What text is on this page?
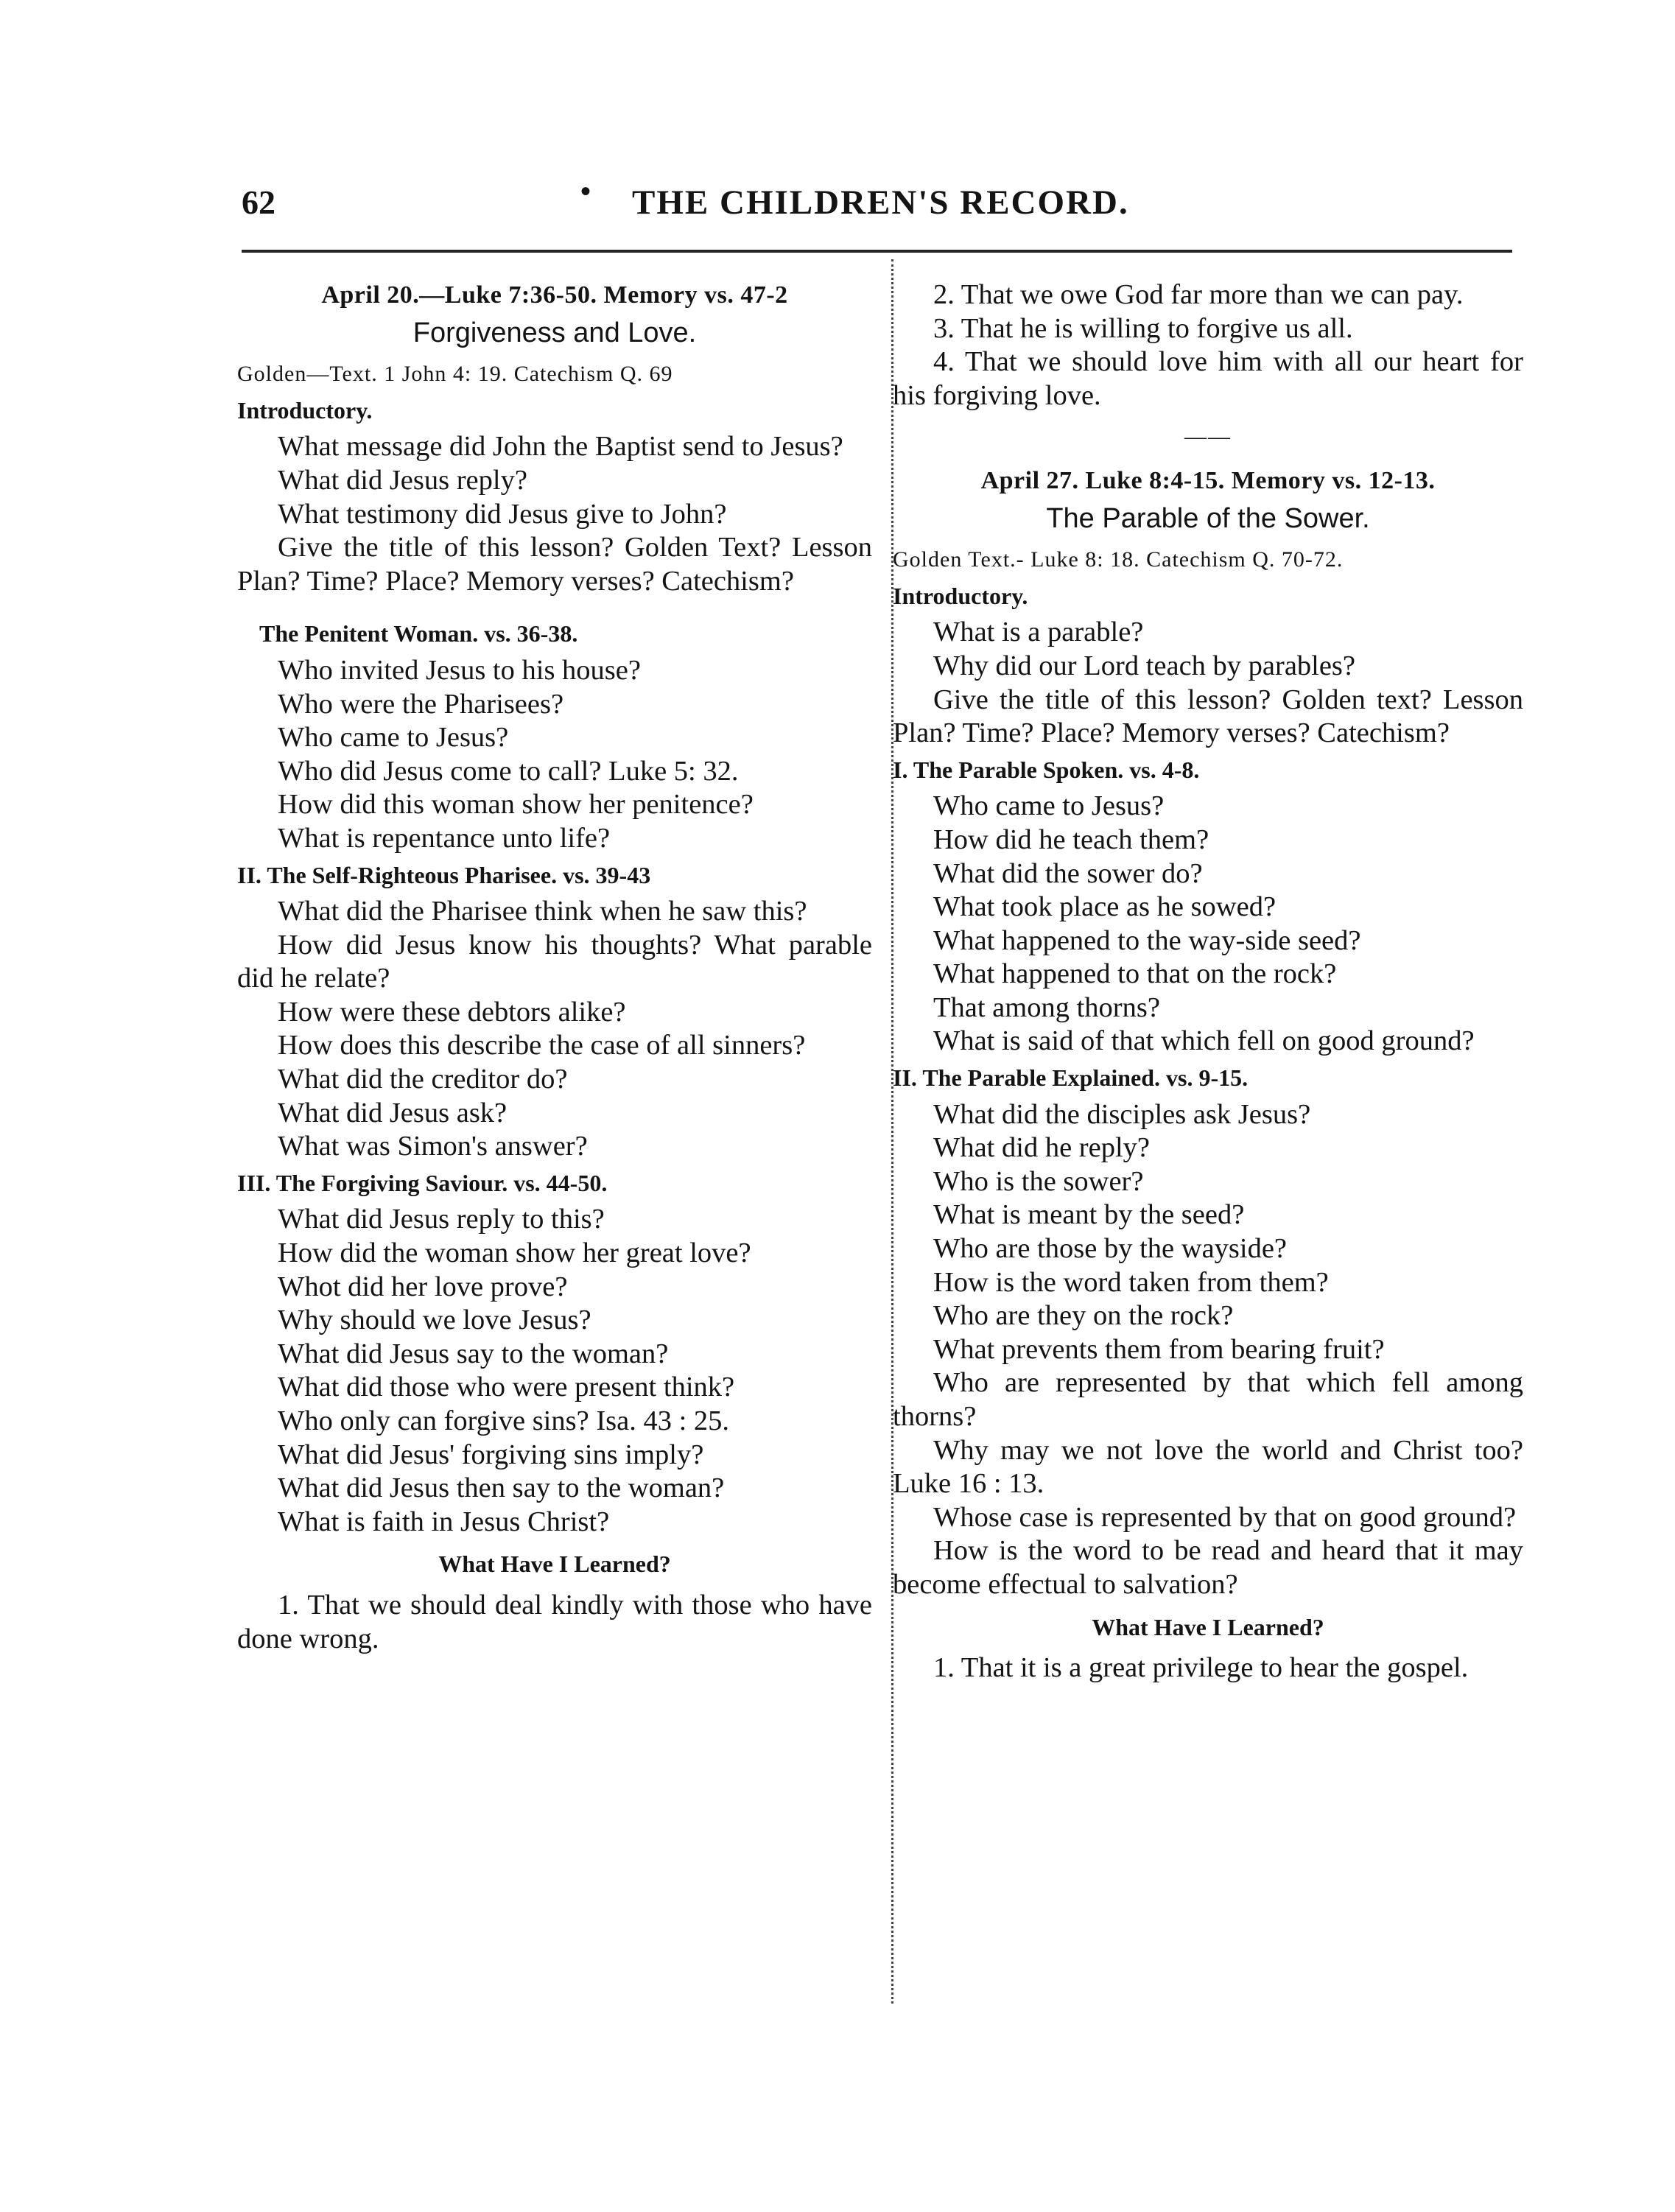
62	• THE CHILDREN'S RECORD.
April 20.—Luke 7:36-50. Memory vs. 47-2
Forgiveness and Love.
Golden—Text. 1 John 4: 19. Catechism Q. 69
Introductory.
What message did John the Baptist send to Jesus?
What did Jesus reply?
What testimony did Jesus give to John?
Give the title of this lesson? Golden Text? Lesson Plan? Time? Place? Memory verses? Catechism?
The Penitent Woman. vs. 36-38.
Who invited Jesus to his house?
Who were the Pharisees?
Who came to Jesus?
Who did Jesus come to call? Luke 5: 32.
How did this woman show her penitence?
What is repentance unto life?
II. The Self-Righteous Pharisee. vs. 39-43
What did the Pharisee think when he saw this?
How did Jesus know his thoughts? What parable did he relate?
How were these debtors alike?
How does this describe the case of all sinners?
What did the creditor do?
What did Jesus ask?
What was Simon's answer?
III. The Forgiving Saviour. vs. 44-50.
What did Jesus reply to this?
How did the woman show her great love?
Whot did her love prove?
Why should we love Jesus?
What did Jesus say to the woman?
What did those who were present think?
Who only can forgive sins? Isa. 43 : 25.
What did Jesus' forgiving sins imply?
What did Jesus then say to the woman?
What is faith in Jesus Christ?
What Have I Learned?
1. That we should deal kindly with those who have done wrong.
2. That we owe God far more than we can pay.
3. That he is willing to forgive us all.
4. That we should love him with all our heart for his forgiving love.
——
April 27. Luke 8:4-15. Memory vs. 12-13.
The Parable of the Sower.
Golden Text.- Luke 8: 18. Catechism Q. 70-72.
Introductory.
What is a parable?
Why did our Lord teach by parables?
Give the title of this lesson? Golden text? Lesson Plan? Time? Place? Memory verses? Catechism?
I. The Parable Spoken. vs. 4-8.
Who came to Jesus?
How did he teach them?
What did the sower do?
What took place as he sowed?
What happened to the way-side seed?
What happened to that on the rock?
That among thorns?
What is said of that which fell on good ground?
II. The Parable Explained. vs. 9-15.
What did the disciples ask Jesus?
What did he reply?
Who is the sower?
What is meant by the seed?
Who are those by the wayside?
How is the word taken from them?
Who are they on the rock?
What prevents them from bearing fruit?
Who are represented by that which fell among thorns?
Why may we not love the world and Christ too? Luke 16 : 13.
Whose case is represented by that on good ground?
How is the word to be read and heard that it may become effectual to salvation?
What Have I Learned?
1. That it is a great privilege to hear the gospel.
